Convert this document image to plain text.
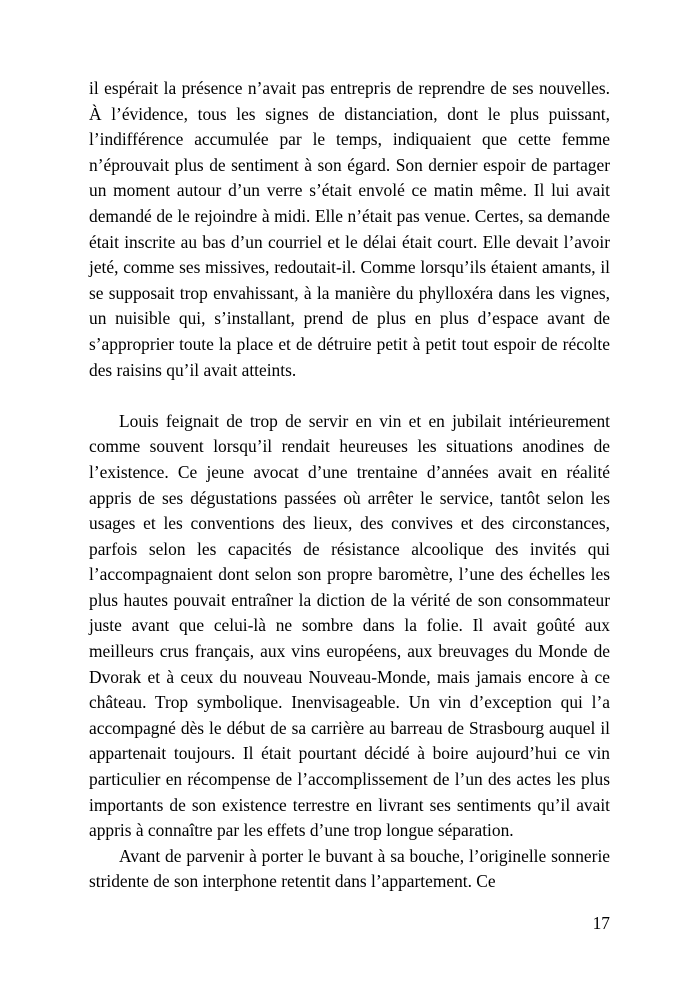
il espérait la présence n’avait pas entrepris de reprendre de ses nouvelles. À l’évidence, tous les signes de distanciation, dont le plus puissant, l’indifférence accumulée par le temps, indiquaient que cette femme n’éprouvait plus de sentiment à son égard. Son dernier espoir de partager un moment autour d’un verre s’était envolé ce matin même. Il lui avait demandé de le rejoindre à midi. Elle n’était pas venue. Certes, sa demande était inscrite au bas d’un courriel et le délai était court. Elle devait l’avoir jeté, comme ses missives, redoutait-il. Comme lorsqu’ils étaient amants, il se supposait trop envahissant, à la manière du phylloxéra dans les vignes, un nuisible qui, s’installant, prend de plus en plus d’espace avant de s’approprier toute la place et de détruire petit à petit tout espoir de récolte des raisins qu’il avait atteints.

Louis feignait de trop de servir en vin et en jubilait intérieurement comme souvent lorsqu’il rendait heureuses les situations anodines de l’existence. Ce jeune avocat d’une trentaine d’années avait en réalité appris de ses dégustations passées où arrêter le service, tantôt selon les usages et les conventions des lieux, des convives et des circonstances, parfois selon les capacités de résistance alcoolique des invités qui l’accompagnaient dont selon son propre baromètre, l’une des échelles les plus hautes pouvait entraîner la diction de la vérité de son consommateur juste avant que celui-là ne sombre dans la folie. Il avait goûté aux meilleurs crus français, aux vins européens, aux breuvages du Monde de Dvorak et à ceux du nouveau Nouveau-Monde, mais jamais encore à ce château. Trop symbolique. Inenvisageable. Un vin d’exception qui l’a accompagné dès le début de sa carrière au barreau de Strasbourg auquel il appartenait toujours. Il était pourtant décidé à boire aujourd’hui ce vin particulier en récompense de l’accomplissement de l’un des actes les plus importants de son existence terrestre en livrant ses sentiments qu’il avait appris à connaître par les effets d’une trop longue séparation.

Avant de parvenir à porter le buvant à sa bouche, l’originelle sonnerie stridente de son interphone retentit dans l’appartement. Ce

17
